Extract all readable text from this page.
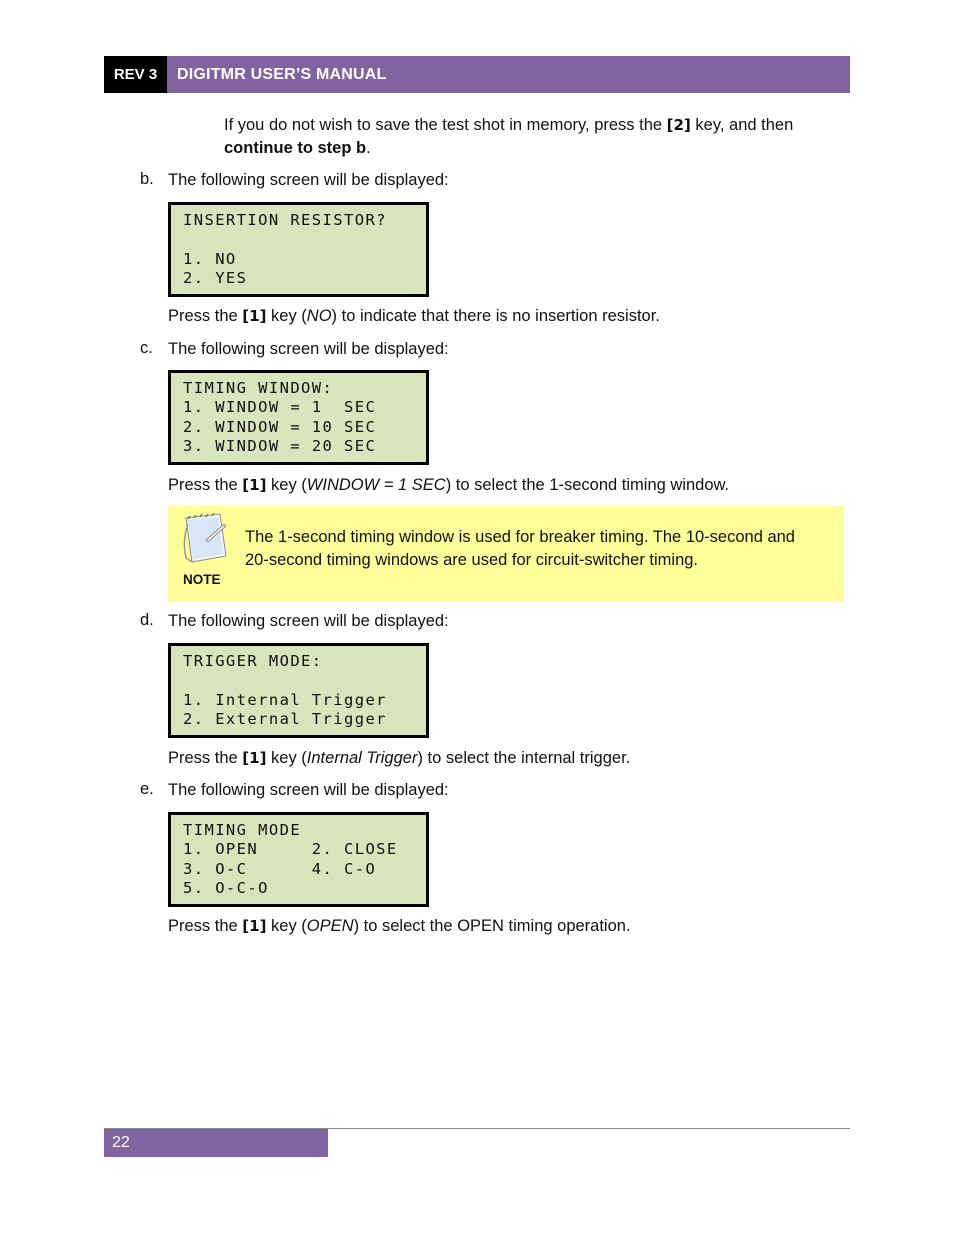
REV 3	DIGITMR USER’S MANUAL
If you do not wish to save the test shot in memory, press the [2] key, and then
continue to step b.
b. The following screen will be displayed:
INSERTION RESISTOR?
1. NO
2. YES
Press the [1] key (NO) to indicate that there is no insertion resistor.
c. The following screen will be displayed:
TIMING WINDOW:
1. WINDOW = 1  SEC
2. WINDOW = 10 SEC
3. WINDOW = 20 SEC
Press the [1] key (WINDOW = 1 SEC) to select the 1-second timing window.
NOTE
The 1-second timing window is used for breaker timing. The 10-second and
20-second timing windows are used for circuit-switcher timing.
d. The following screen will be displayed:
TRIGGER MODE:
1. Internal Trigger
2. External Trigger
Press the [1] key (Internal Trigger) to select the internal trigger.
e. The following screen will be displayed:
TIMING MODE
1. OPEN     2. CLOSE
3. O-C      4. C-O
5. O-C-O
Press the [1] key (OPEN) to select the OPEN timing operation.
22
